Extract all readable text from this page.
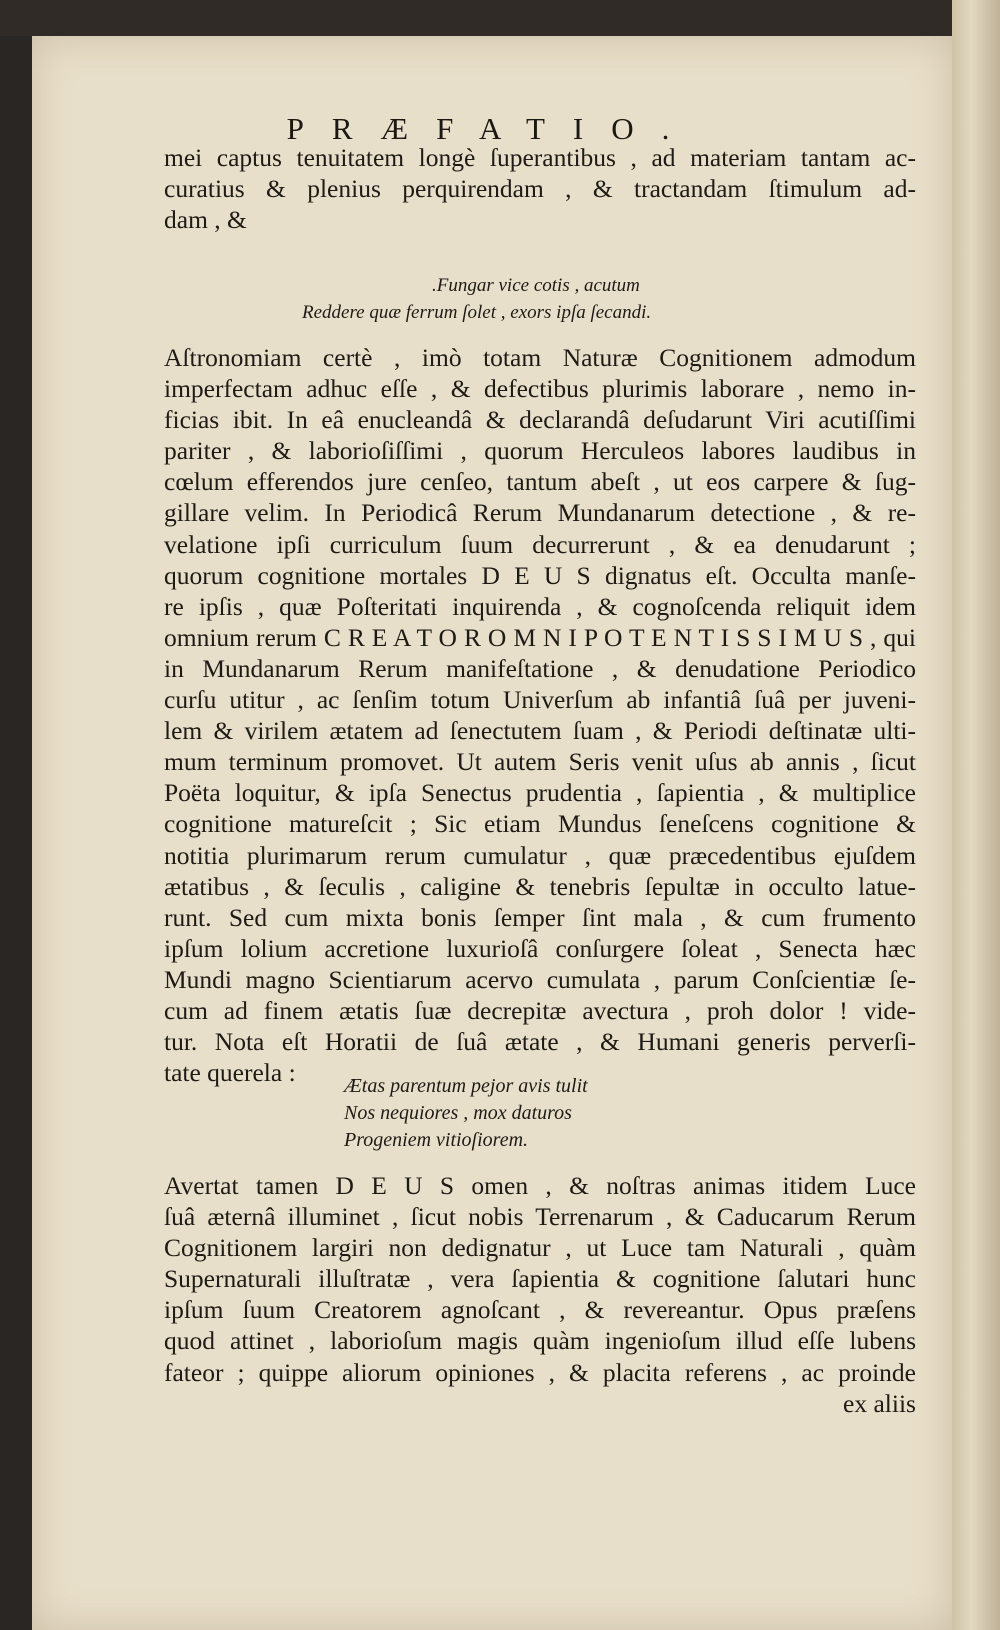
PRÆFATIO.
mei captus tenuitatem longè ſuperantibus , ad materiam tantam ac-
curatius & plenius perquirendam , & tractandam ſtimulum ad-
dam , &
.Fungar vice cotis , acutum
Reddere quæ ferrum ſolet , exors ipſa ſecandi.
Aſtronomiam certè , imò totam Naturæ Cognitionem admodum
imperfectam adhuc eſſe , & defectibus plurimis laborare , nemo in-
ficias ibit. In eâ enucleandâ & declarandâ deſudarunt Viri acutiſſimi
pariter , & laborioſiſſimi , quorum Herculeos labores laudibus in
cœlum efferendos jure cenſeo, tantum abeſt , ut eos carpere & ſug-
gillare velim. In Periodicâ Rerum Mundanarum detectione , & re-
velatione ipſi curriculum ſuum decurrerunt , & ea denudarunt ;
quorum cognitione mortales D E U S dignatus eſt. Occulta manſe-
re ipſis , quæ Poſteritati inquirenda , & cognoſcenda reliquit idem
omnium rerum C R E A T O R O M N I P O T E N T I S S I M U S , qui
in Mundanarum Rerum manifeſtatione , & denudatione Periodico
curſu utitur , ac ſenſim totum Univerſum ab infantiâ ſuâ per juveni-
lem & virilem ætatem ad ſenectutem ſuam , & Periodi deſtinatæ ulti-
mum terminum promovet. Ut autem Seris venit uſus ab annis , ſicut
Poëta loquitur, & ipſa Senectus prudentia , ſapientia , & multiplice
cognitione matureſcit ; Sic etiam Mundus ſeneſcens cognitione &
notitia plurimarum rerum cumulatur , quæ præcedentibus ejuſdem
ætatibus , & ſeculis , caligine & tenebris ſepultæ in occulto latue-
runt. Sed cum mixta bonis ſemper ſint mala , & cum frumento
ipſum lolium accretione luxurioſâ conſurgere ſoleat , Senecta hæc
Mundi magno Scientiarum acervo cumulata , parum Conſcientiæ ſe-
cum ad finem ætatis ſuæ decrepitæ avectura , proh dolor ! vide-
tur. Nota eſt Horatii de ſuâ ætate , & Humani generis perverſi-
tate querela :	Ætas parentum pejor avis tulit
Nos nequiores , mox daturos
Progeniem vitioſiorem.
Avertat tamen D E U S omen , & noſtras animas itidem Luce
ſuâ æternâ illuminet , ſicut nobis Terrenarum , & Caducarum Rerum
Cognitionem largiri non dedignatur , ut Luce tam Naturali , quàm
Supernaturali illuſtratæ , vera ſapientia & cognitione ſalutari hunc
ipſum ſuum Creatorem agnoſcant , & revereantur. Opus præſens
quod attinet , laborioſum magis quàm ingenioſum illud eſſe lubens
fateor ; quippe aliorum opiniones , & placita referens , ac proinde
ex aliis
